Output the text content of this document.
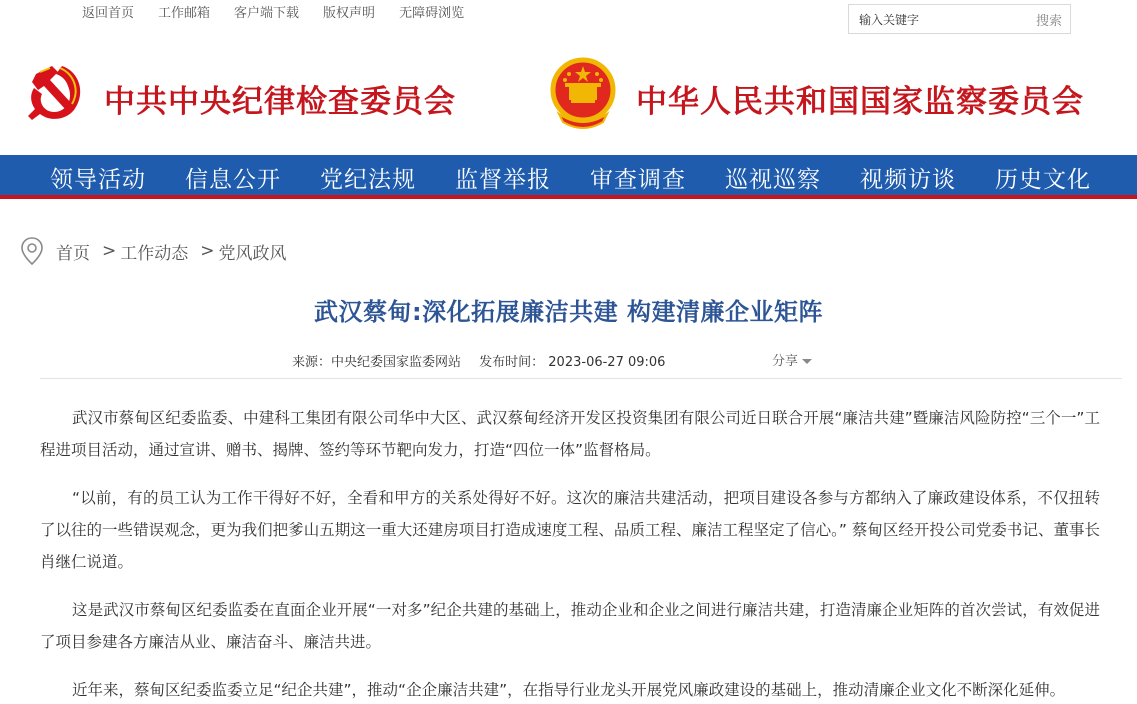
返回首页 工作邮箱 客户端下载 版权声明 无障碍浏览
输入关键字
搜索
中共中央纪律检查委员会	中华人民共和国国家监察委员会
领导活动	信息公开	党纪法规	监督举报	审查调查	巡视巡察	视频访谈	历史文化
首页 > 工作动态 > 党风政风
武汉蔡甸:深化拓展廉洁共建 构建清廉企业矩阵
来源：中央纪委国家监委网站 发布时间： 2023-06-27 09:06	分享

武汉市蔡甸区纪委监委、中建科工集团有限公司华中大区、武汉蔡甸经济开发区投资集团有限公司近日联合开展“廉洁共建”暨廉洁风险防控“三个一”工程进项目活动，通过宣讲、赠书、揭牌、签约等环节靶向发力，打造“四位一体”监督格局。

“以前，有的员工认为工作干得好不好，全看和甲方的关系处得好不好。这次的廉洁共建活动，把项目建设各参与方都纳入了廉政建设体系，不仅扭转了以往的一些错误观念，更为我们把爹山五期这一重大还建房项目打造成速度工程、品质工程、廉洁工程坚定了信心。” 蔡甸区经开投公司党委书记、董事长肖继仁说道。

这是武汉市蔡甸区纪委监委在直面企业开展“一对多”纪企共建的基础上，推动企业和企业之间进行廉洁共建，打造清廉企业矩阵的首次尝试，有效促进了项目参建各方廉洁从业、廉洁奋斗、廉洁共进。

近年来，蔡甸区纪委监委立足“纪企共建”，推动“企企廉洁共建”，在指导行业龙头开展党风廉政建设的基础上，推动清廉企业文化不断深化延伸。
